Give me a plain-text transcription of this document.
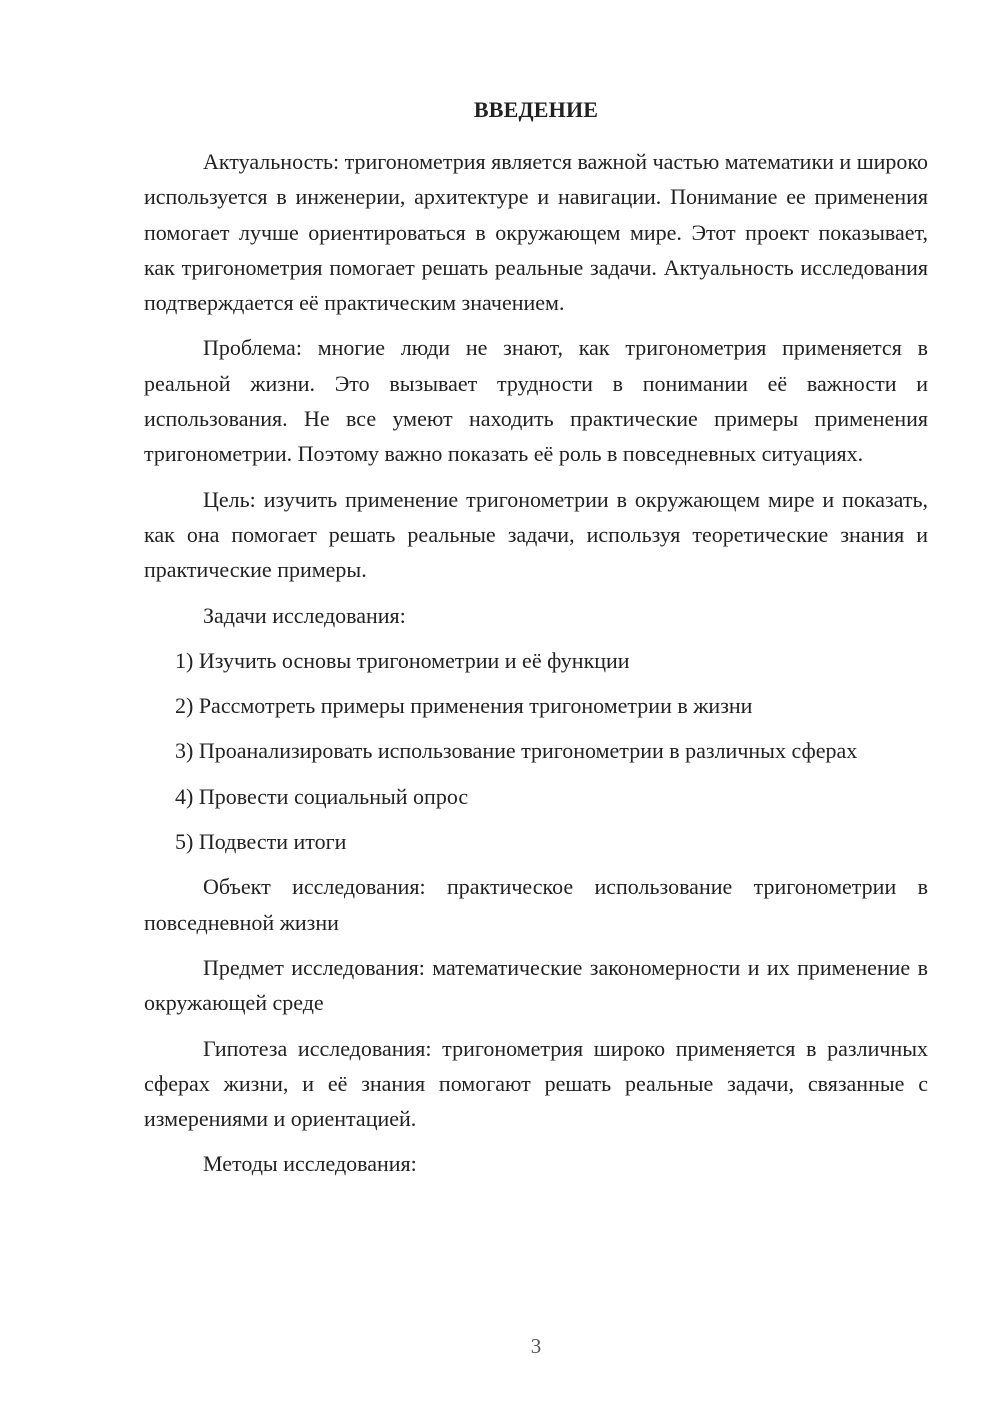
ВВЕДЕНИЕ

Актуальность: тригонометрия является важной частью математики и широко используется в инженерии, архитектуре и навигации. Понимание ее применения помогает лучше ориентироваться в окружающем мире. Этот проект показывает, как тригонометрия помогает решать реальные задачи. Актуальность исследования подтверждается её практическим значением.

Проблема: многие люди не знают, как тригонометрия применяется в реальной жизни. Это вызывает трудности в понимании её важности и использования. Не все умеют находить практические примеры применения тригонометрии. Поэтому важно показать её роль в повседневных ситуациях.

Цель: изучить применение тригонометрии в окружающем мире и показать, как она помогает решать реальные задачи, используя теоретические знания и практические примеры.

Задачи исследования:

1) Изучить основы тригонометрии и её функции

2) Рассмотреть примеры применения тригонометрии в жизни

3) Проанализировать использование тригонометрии в различных сферах

4) Провести социальный опрос

5) Подвести итоги

Объект исследования: практическое использование тригонометрии в повседневной жизни

Предмет исследования: математические закономерности и их применение в окружающей среде

Гипотеза исследования: тригонометрия широко применяется в различных сферах жизни, и её знания помогают решать реальные задачи, связанные с измерениями и ориентацией.

Методы исследования:

3
